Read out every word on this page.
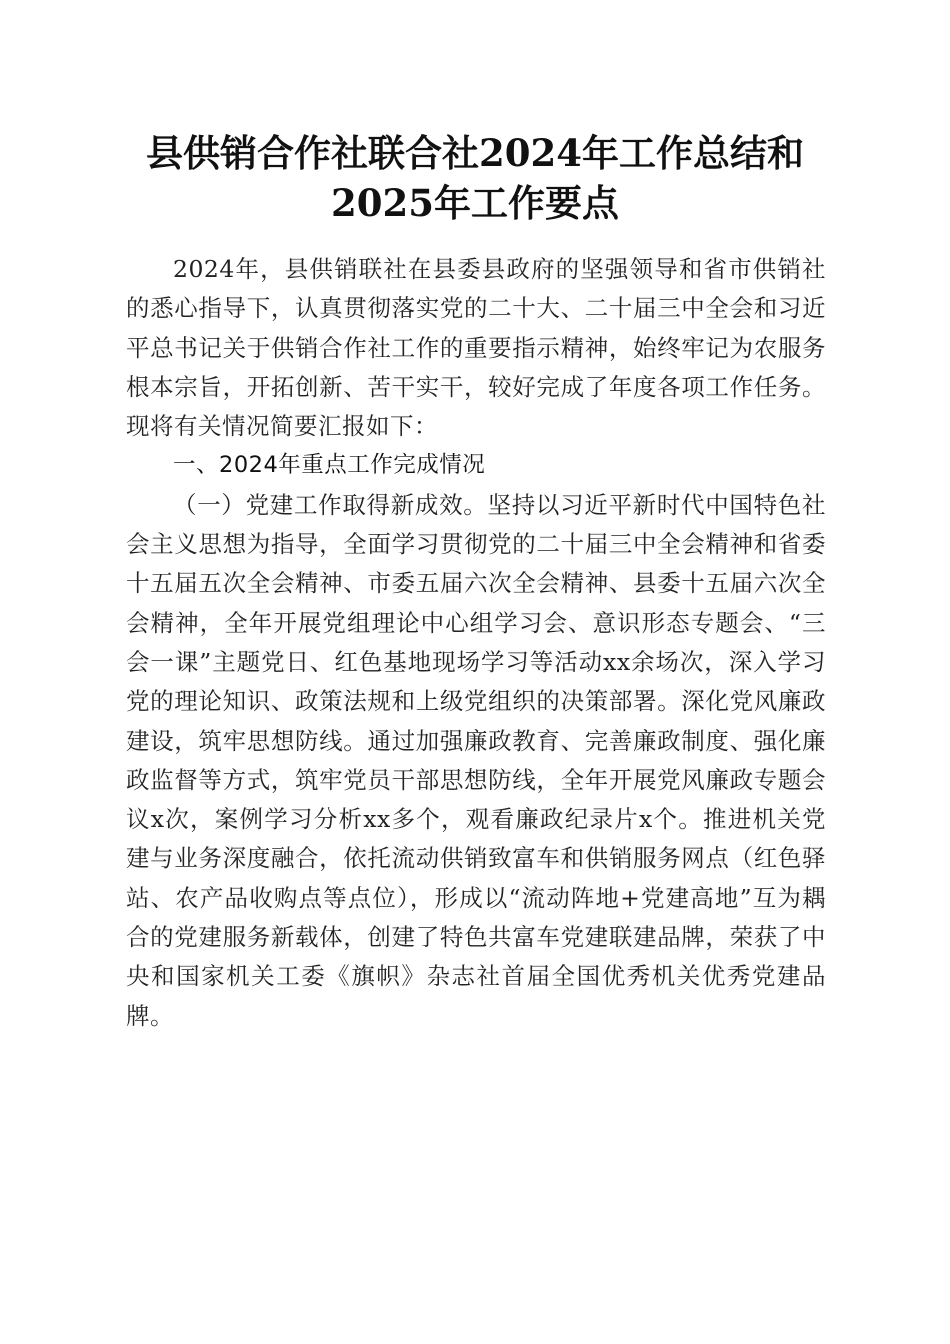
县供销合作社联合社2024年工作总结和2025年工作要点

2024年，县供销联社在县委县政府的坚强领导和省市供销社的悉心指导下，认真贯彻落实党的二十大、二十届三中全会和习近平总书记关于供销合作社工作的重要指示精神，始终牢记为农服务根本宗旨，开拓创新、苦干实干，较好完成了年度各项工作任务。现将有关情况简要汇报如下：

一、2024年重点工作完成情况

（一）党建工作取得新成效。坚持以习近平新时代中国特色社会主义思想为指导，全面学习贯彻党的二十届三中全会精神和省委十五届五次全会精神、市委五届六次全会精神、县委十五届六次全会精神，全年开展党组理论中心组学习会、意识形态专题会、“三会一课”主题党日、红色基地现场学习等活动xx余场次，深入学习党的理论知识、政策法规和上级党组织的决策部署。深化党风廉政建设，筑牢思想防线。通过加强廉政教育、完善廉政制度、强化廉政监督等方式，筑牢党员干部思想防线，全年开展党风廉政专题会议x次，案例学习分析xx多个，观看廉政纪录片x个。推进机关党建与业务深度融合，依托流动供销致富车和供销服务网点（红色驿站、农产品收购点等点位），形成以“流动阵地+党建高地”互为耦合的党建服务新载体，创建了特色共富车党建联建品牌，荣获了中央和国家机关工委《旗帜》杂志社首届全国优秀机关优秀党建品牌。
